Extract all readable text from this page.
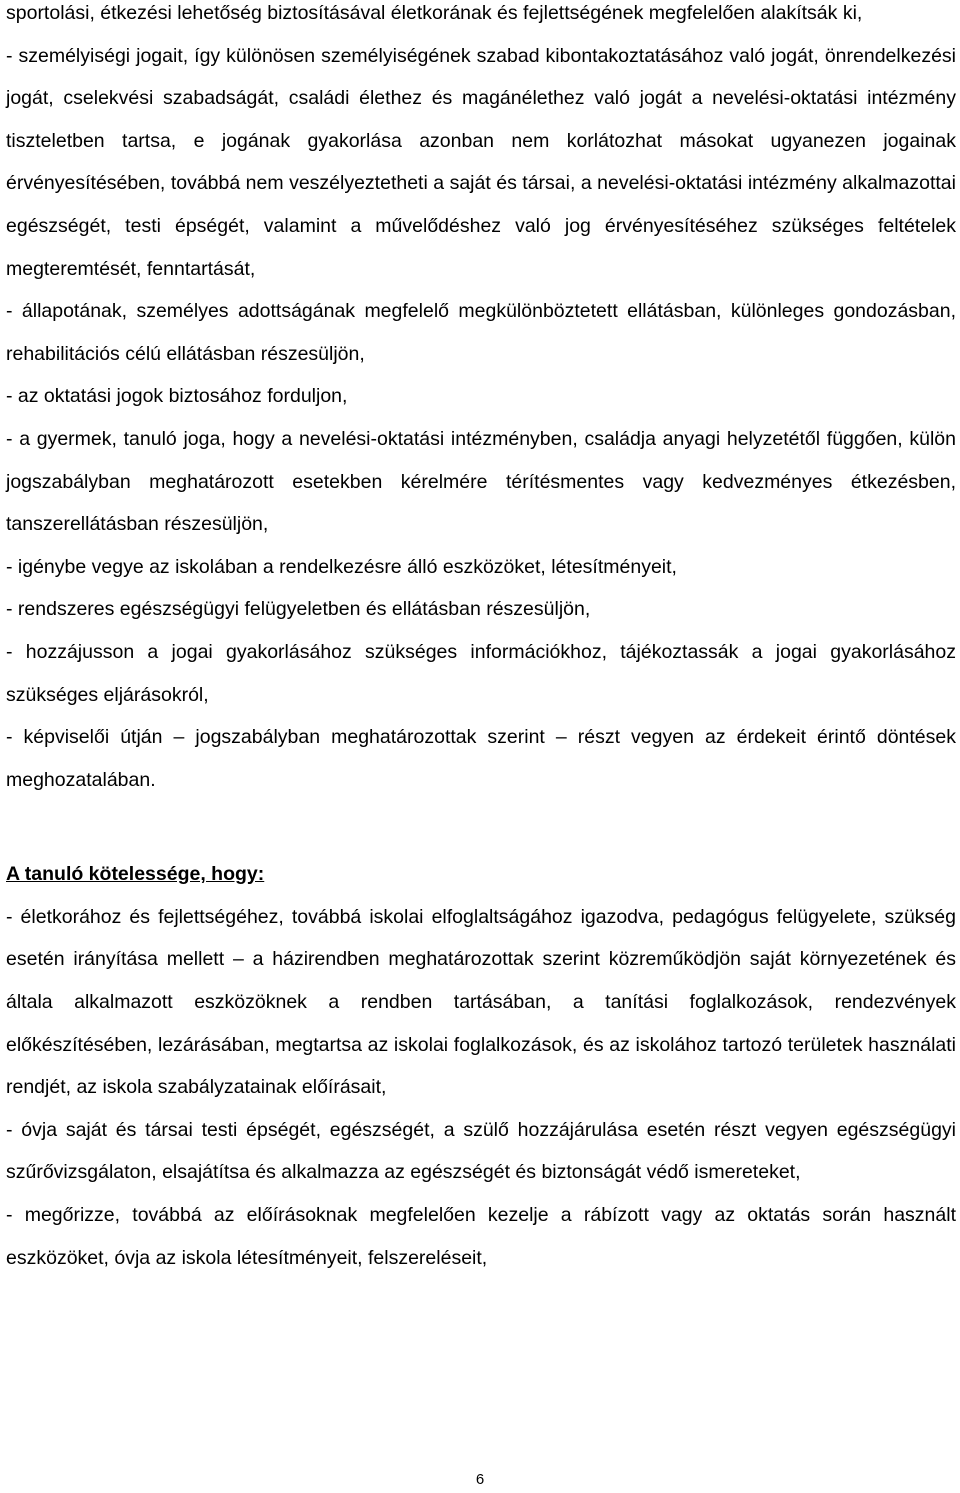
sportolási, étkezési lehetőség biztosításával életkorának és fejlettségének megfelelően alakítsák ki,

- személyiségi jogait, így különösen személyiségének szabad kibontakoztatásához való jogát, önrendelkezési jogát, cselekvési szabadságát, családi élethez és magánélethez való jogát a nevelési-oktatási intézmény tiszteletben tartsa, e jogának gyakorlása azonban nem korlátozhat másokat ugyanezen jogainak érvényesítésében, továbbá nem veszélyeztetheti a saját és társai, a nevelési-oktatási intézmény alkalmazottai egészségét, testi épségét, valamint a művelődéshez való jog érvényesítéséhez szükséges feltételek megteremtését, fenntartását,

- állapotának, személyes adottságának megfelelő megkülönböztetett ellátásban, különleges gondozásban, rehabilitációs célú ellátásban részesüljön,

- az oktatási jogok biztosához forduljon,

- a gyermek, tanuló joga, hogy a nevelési-oktatási intézményben, családja anyagi helyzetétől függően, külön jogszabályban meghatározott esetekben kérelmére térítésmentes vagy kedvezményes étkezésben, tanszerellátásban részesüljön,

- igénybe vegye az iskolában a rendelkezésre álló eszközöket, létesítményeit,

- rendszeres egészségügyi felügyeletben és ellátásban részesüljön,

- hozzájusson a jogai gyakorlásához szükséges információkhoz, tájékoztassák a jogai gyakorlásához szükséges eljárásokról,

- képviselői útján – jogszabályban meghatározottak szerint – részt vegyen az érdekeit érintő döntések meghozatalában.

A tanuló kötelessége, hogy:

- életkorához és fejlettségéhez, továbbá iskolai elfoglaltságához igazodva, pedagógus felügyelete, szükség esetén irányítása mellett – a házirendben meghatározottak szerint közreműködjön saját környezetének és általa alkalmazott eszközöknek a rendben tartásában, a tanítási foglalkozások, rendezvények előkészítésében, lezárásában, megtartsa az iskolai foglalkozások, és az iskolához tartozó területek használati rendjét, az iskola szabályzatainak előírásait,

- óvja saját és társai testi épségét, egészségét, a szülő hozzájárulása esetén részt vegyen egészségügyi szűrővizsgálaton, elsajátítsa és alkalmazza az egészségét és biztonságát védő ismereteket,

- megőrizze, továbbá az előírásoknak megfelelően kezelje a rábízott vagy az oktatás során használt eszközöket, óvja az iskola létesítményeit, felszereléseit,

6
